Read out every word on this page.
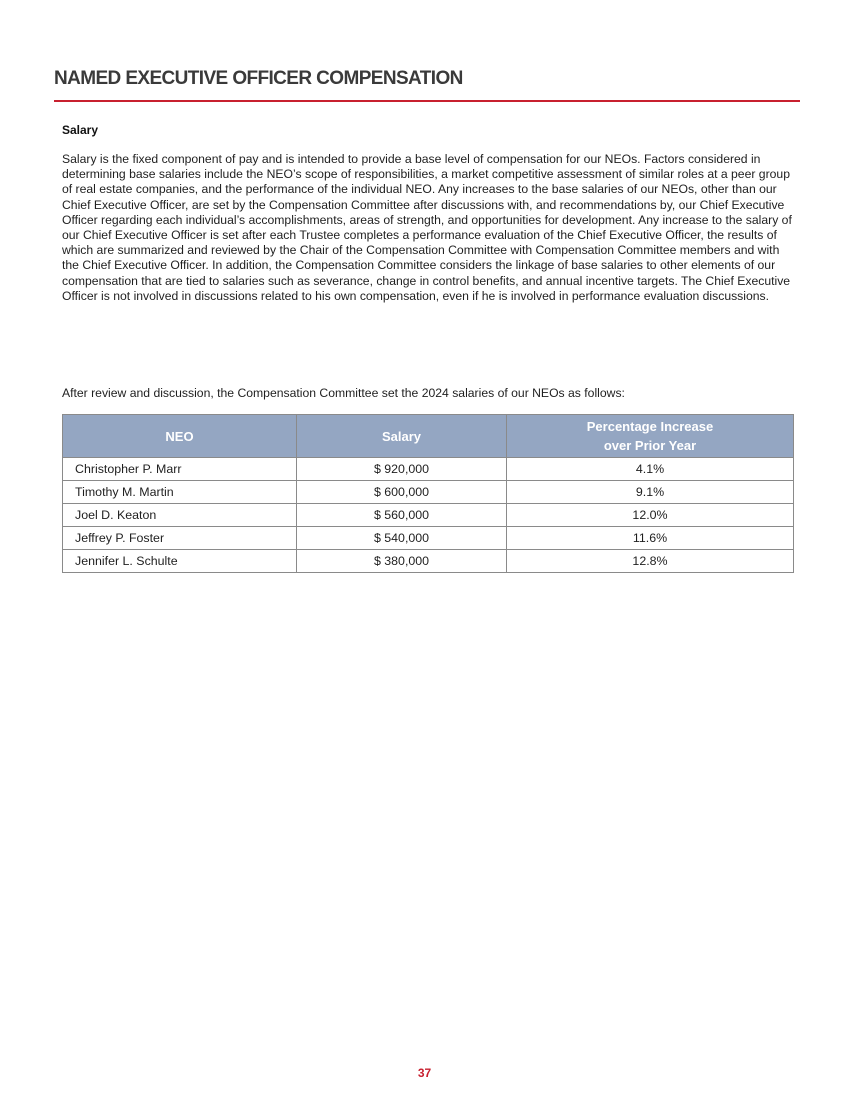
NAMED EXECUTIVE OFFICER COMPENSATION
Salary

Salary is the fixed component of pay and is intended to provide a base level of compensation for our NEOs. Factors considered in determining base salaries include the NEO’s scope of responsibilities, a market competitive assessment of similar roles at a peer group of real estate companies, and the performance of the individual NEO. Any increases to the base salaries of our NEOs, other than our Chief Executive Officer, are set by the Compensation Committee after discussions with, and recommendations by, our Chief Executive Officer regarding each individual’s accomplishments, areas of strength, and opportunities for development. Any increase to the salary of our Chief Executive Officer is set after each Trustee completes a performance evaluation of the Chief Executive Officer, the results of which are summarized and reviewed by the Chair of the Compensation Committee with Compensation Committee members and with the Chief Executive Officer. In addition, the Compensation Committee considers the linkage of base salaries to other elements of our compensation that are tied to salaries such as severance, change in control benefits, and annual incentive targets. The Chief Executive Officer is not involved in discussions related to his own compensation, even if he is involved in performance evaluation discussions.

After review and discussion, the Compensation Committee set the 2024 salaries of our NEOs as follows:

NEO	Salary	Percentage Increase
over Prior Year
Christopher P. Marr	$ 920,000	4.1%
Timothy M. Martin	$ 600,000	9.1%
Joel D. Keaton	$ 560,000	12.0%
Jeffrey P. Foster	$ 540,000	11.6%
Jennifer L. Schulte	$ 380,000	12.8%
37
